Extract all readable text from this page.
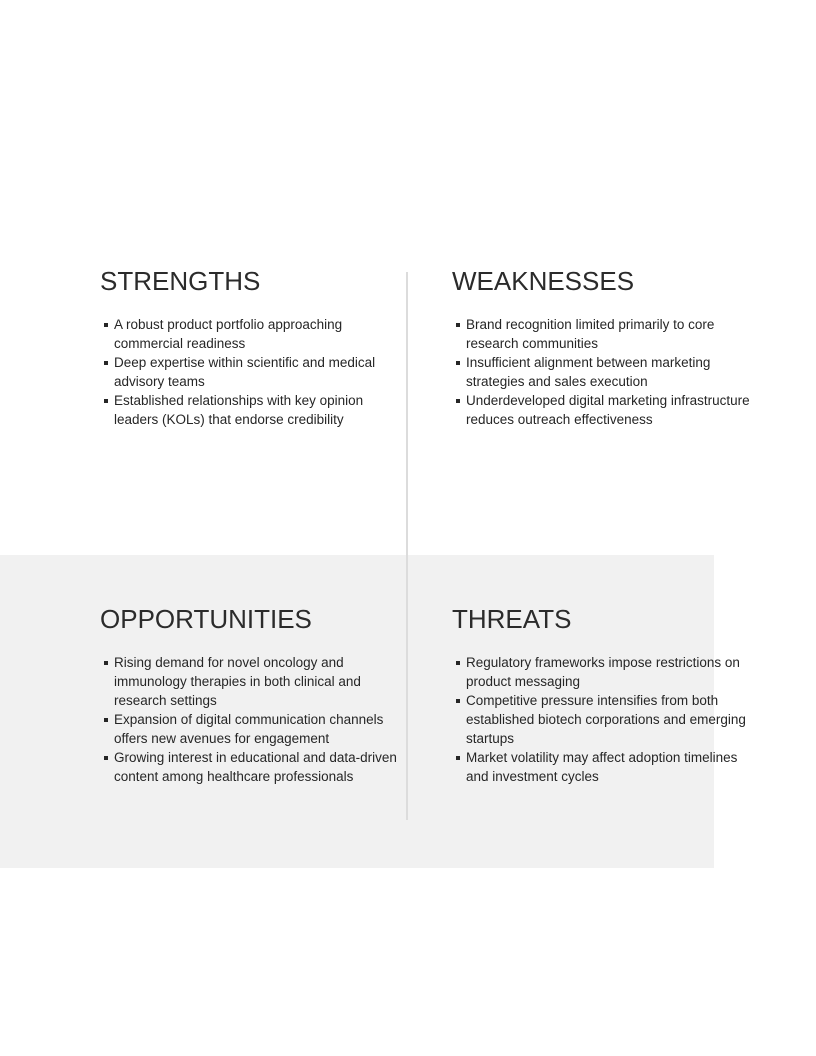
STRENGTHS
A robust product portfolio approaching commercial readiness
Deep expertise within scientific and medical advisory teams
Established relationships with key opinion leaders (KOLs) that endorse credibility
WEAKNESSES
Brand recognition limited primarily to core research communities
Insufficient alignment between marketing strategies and sales execution
Underdeveloped digital marketing infrastructure reduces outreach effectiveness
OPPORTUNITIES
Rising demand for novel oncology and immunology therapies in both clinical and research settings
Expansion of digital communication channels offers new avenues for engagement
Growing interest in educational and data-driven content among healthcare professionals
THREATS
Regulatory frameworks impose restrictions on product messaging
Competitive pressure intensifies from both established biotech corporations and emerging startups
Market volatility may affect adoption timelines and investment cycles
